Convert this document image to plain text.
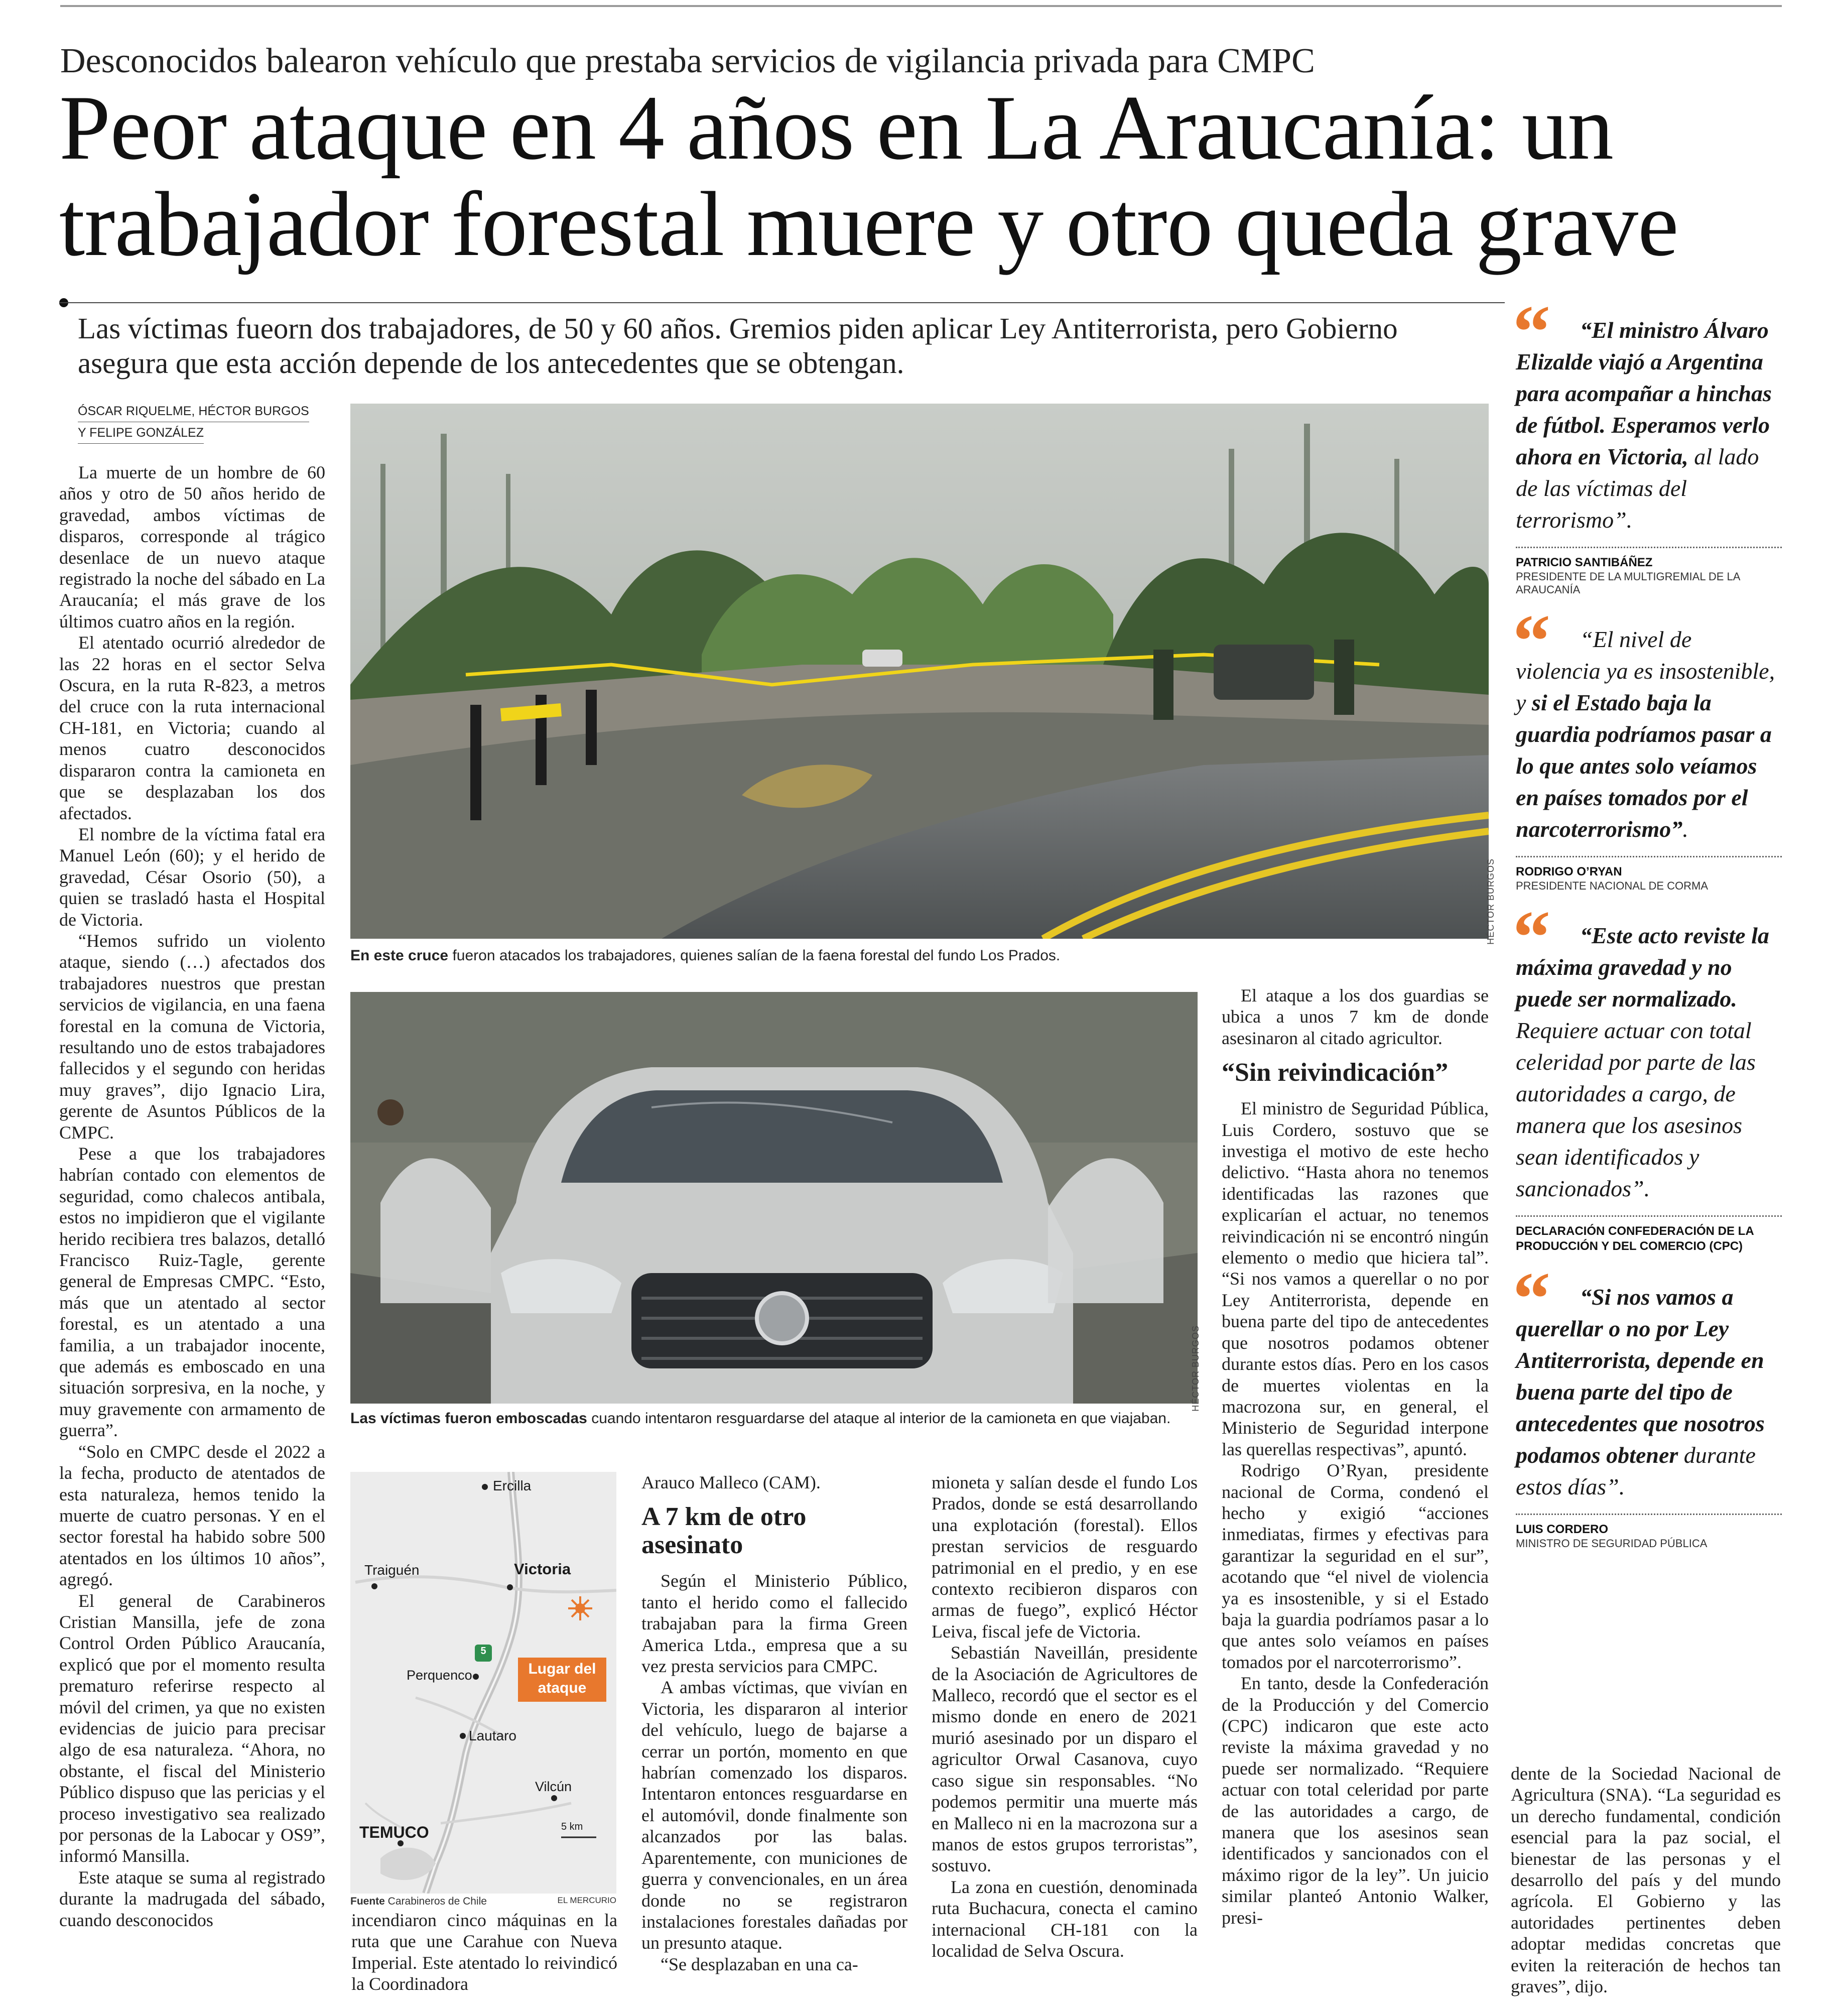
Desconocidos balearon vehículo que prestaba servicios de vigilancia privada para CMPC
Peor ataque en 4 años en La Araucanía: un
trabajador forestal muere y otro queda grave
Las víctimas fueorn dos trabajadores, de 50 y 60 años. Gremios piden aplicar Ley Antiterrorista, pero Gobierno asegura que esta acción depende de los antecedentes que se obtengan.
ÓSCAR RIQUELME, HÉCTOR BURGOS
Y FELIPE GONZÁLEZ

La muerte de un hombre de 60 años y otro de 50 años herido de gravedad, ambos víctimas de disparos, corresponde al trágico desenlace de un nuevo ataque registrado la noche del sábado en La Araucanía; el más grave de los últimos cuatro años en la región.

El atentado ocurrió alrededor de las 22 horas en el sector Selva Oscura, en la ruta R-823, a metros del cruce con la ruta internacional CH-181, en Victoria; cuando al menos cuatro desconocidos dispararon contra la camioneta en que se desplazaban los dos afectados.

El nombre de la víctima fatal era Manuel León (60); y el herido de gravedad, César Osorio (50), a quien se trasladó hasta el Hospital de Victoria.

“Hemos sufrido un violento ataque, siendo (…) afectados dos trabajadores nuestros que prestan servicios de vigilancia, en una faena forestal en la comuna de Victoria, resultando uno de estos trabajadores fallecidos y el segundo con heridas muy graves”, dijo Ignacio Lira, gerente de Asuntos Públicos de la CMPC.

Pese a que los trabajadores habrían contado con elementos de seguridad, como chalecos antibala, estos no impidieron que el vigilante herido recibiera tres balazos, detalló Francisco Ruiz-Tagle, gerente general de Empresas CMPC. “Esto, más que un atentado al sector forestal, es un atentado a una familia, a un trabajador inocente, que además es emboscado en una situación sorpresiva, en la noche, y muy gravemente con armamento de guerra”.

“Solo en CMPC desde el 2022 a la fecha, producto de atentados de esta naturaleza, hemos tenido la muerte de cuatro personas. Y en el sector forestal ha habido sobre 500 atentados en los últimos 10 años”, agregó.

El general de Carabineros Cristian Mansilla, jefe de zona Control Orden Público Araucanía, explicó que por el momento resulta prematuro referirse respecto al móvil del crimen, ya que no existen evidencias de juicio para precisar algo de esa naturaleza. “Ahora, no obstante, el fiscal del Ministerio Público dispuso que las pericias y el proceso investigativo sea realizado por personas de la Labocar y OS9”, informó Mansilla.

Este ataque se suma al registrado durante la madrugada del sábado, cuando desconocidos

HÉCTOR BURGOS
En este cruce fueron atacados los trabajadores, quienes salían de la faena forestal del fundo Los Prados.
HÉCTOR BURGOS
Las víctimas fueron emboscadas cuando intentaron resguardarse del ataque al interior de la camioneta en que viajaban.
Ercilla
Traiguén	Victoria
Perquenco
Lautaro
Vilcún
TEMUCO
5
Lugar del ataque
5 km
Fuente Carabineros de Chile	EL MERCURIO

incendiaron cinco máquinas en la ruta que une Carahue con Nueva Imperial. Este atentado lo reivindicó la Coordinadora

Arauco Malleco (CAM).

A 7 km de otro asesinato

Según el Ministerio Público, tanto el herido como el fallecido trabajaban para la firma Green America Ltda., empresa que a su vez presta servicios para CMPC.

A ambas víctimas, que vivían en Victoria, les dispararon al interior del vehículo, luego de bajarse a cerrar un portón, momento en que habrían comenzado los disparos. Intentaron entonces resguardarse en el automóvil, donde finalmente son alcanzados por las balas. Aparentemente, con municiones de guerra y convencionales, en un área donde no se registraron instalaciones forestales dañadas por un presunto ataque.

“Se desplazaban en una ca-

mioneta y salían desde el fundo Los Prados, donde se está desarrollando una explotación (forestal). Ellos prestan servicios de resguardo patrimonial en el predio, y en ese contexto recibieron disparos con armas de fuego”, explicó Héctor Leiva, fiscal jefe de Victoria.

Sebastián Naveillán, presidente de la Asociación de Agricultores de Malleco, recordó que el sector es el mismo donde en enero de 2021 murió asesinado por un disparo el agricultor Orwal Casanova, cuyo caso sigue sin responsables. “No podemos permitir una muerte más en Malleco ni en la macrozona sur a manos de estos grupos terroristas”, sostuvo.

La zona en cuestión, denominada ruta Buchacura, conecta el camino internacional CH-181 con la localidad de Selva Oscura.

El ataque a los dos guardias se ubica a unos 7 km de donde asesinaron al citado agricultor.

“Sin reivindicación”

El ministro de Seguridad Pública, Luis Cordero, sostuvo que se investiga el motivo de este hecho delictivo. “Hasta ahora no tenemos identificadas las razones que explicarían el actuar, no tenemos reivindicación ni se encontró ningún elemento o medio que hiciera tal”. “Si nos vamos a querellar o no por Ley Antiterrorista, depende en buena parte del tipo de antecedentes que nosotros podamos obtener durante estos días. Pero en los casos de muertes violentas en la macrozona sur, en general, el Ministerio de Seguridad interpone las querellas respectivas”, apuntó.

Rodrigo O’Ryan, presidente nacional de Corma, condenó el hecho y exigió “acciones inmediatas, firmes y efectivas para garantizar la seguridad en el sur”, acotando que “el nivel de violencia ya es insostenible, y si el Estado baja la guardia podríamos pasar a lo que antes solo veíamos en países tomados por el narcoterrorismo”.

En tanto, desde la Confederación de la Producción y del Comercio (CPC) indicaron que este acto reviste la máxima gravedad y no puede ser normalizado. “Requiere actuar con total celeridad por parte de las autoridades a cargo, de manera que los asesinos sean identificados y sancionados con el máximo rigor de la ley”. Un juicio similar planteó Antonio Walker, presi-

dente de la Sociedad Nacional de Agricultura (SNA). “La seguridad es un derecho fundamental, condición esencial para la paz social, el bienestar de las personas y el desarrollo del país y del mundo agrícola. El Gobierno y las autoridades pertinentes deben adoptar medidas concretas que eviten la reiteración de hechos tan graves”, dijo.

“	“El ministro Álvaro Elizalde viajó a Argentina para acompañar a hinchas de fútbol. Esperamos verlo ahora en Victoria, al lado de las víctimas del terrorismo”.
PATRICIO SANTIBÁÑEZ
PRESIDENTE DE LA MULTIGREMIAL DE LA ARAUCANÍA
“	“El nivel de violencia ya es insostenible, y si el Estado baja la guardia podríamos pasar a lo que antes solo veíamos en países tomados por el narcoterrorismo”.
RODRIGO O’RYAN
PRESIDENTE NACIONAL DE CORMA
“	“Este acto reviste la máxima gravedad y no puede ser normalizado. Requiere actuar con total celeridad por parte de las autoridades a cargo, de manera que los asesinos sean identificados y sancionados”.
DECLARACIÓN CONFEDERACIÓN DE LA PRODUCCIÓN Y DEL COMERCIO (CPC)
“	“Si nos vamos a querellar o no por Ley Antiterrorista, depende en buena parte del tipo de antecedentes que nosotros podamos obtener durante estos días”.
LUIS CORDERO
MINISTRO DE SEGURIDAD PÚBLICA
